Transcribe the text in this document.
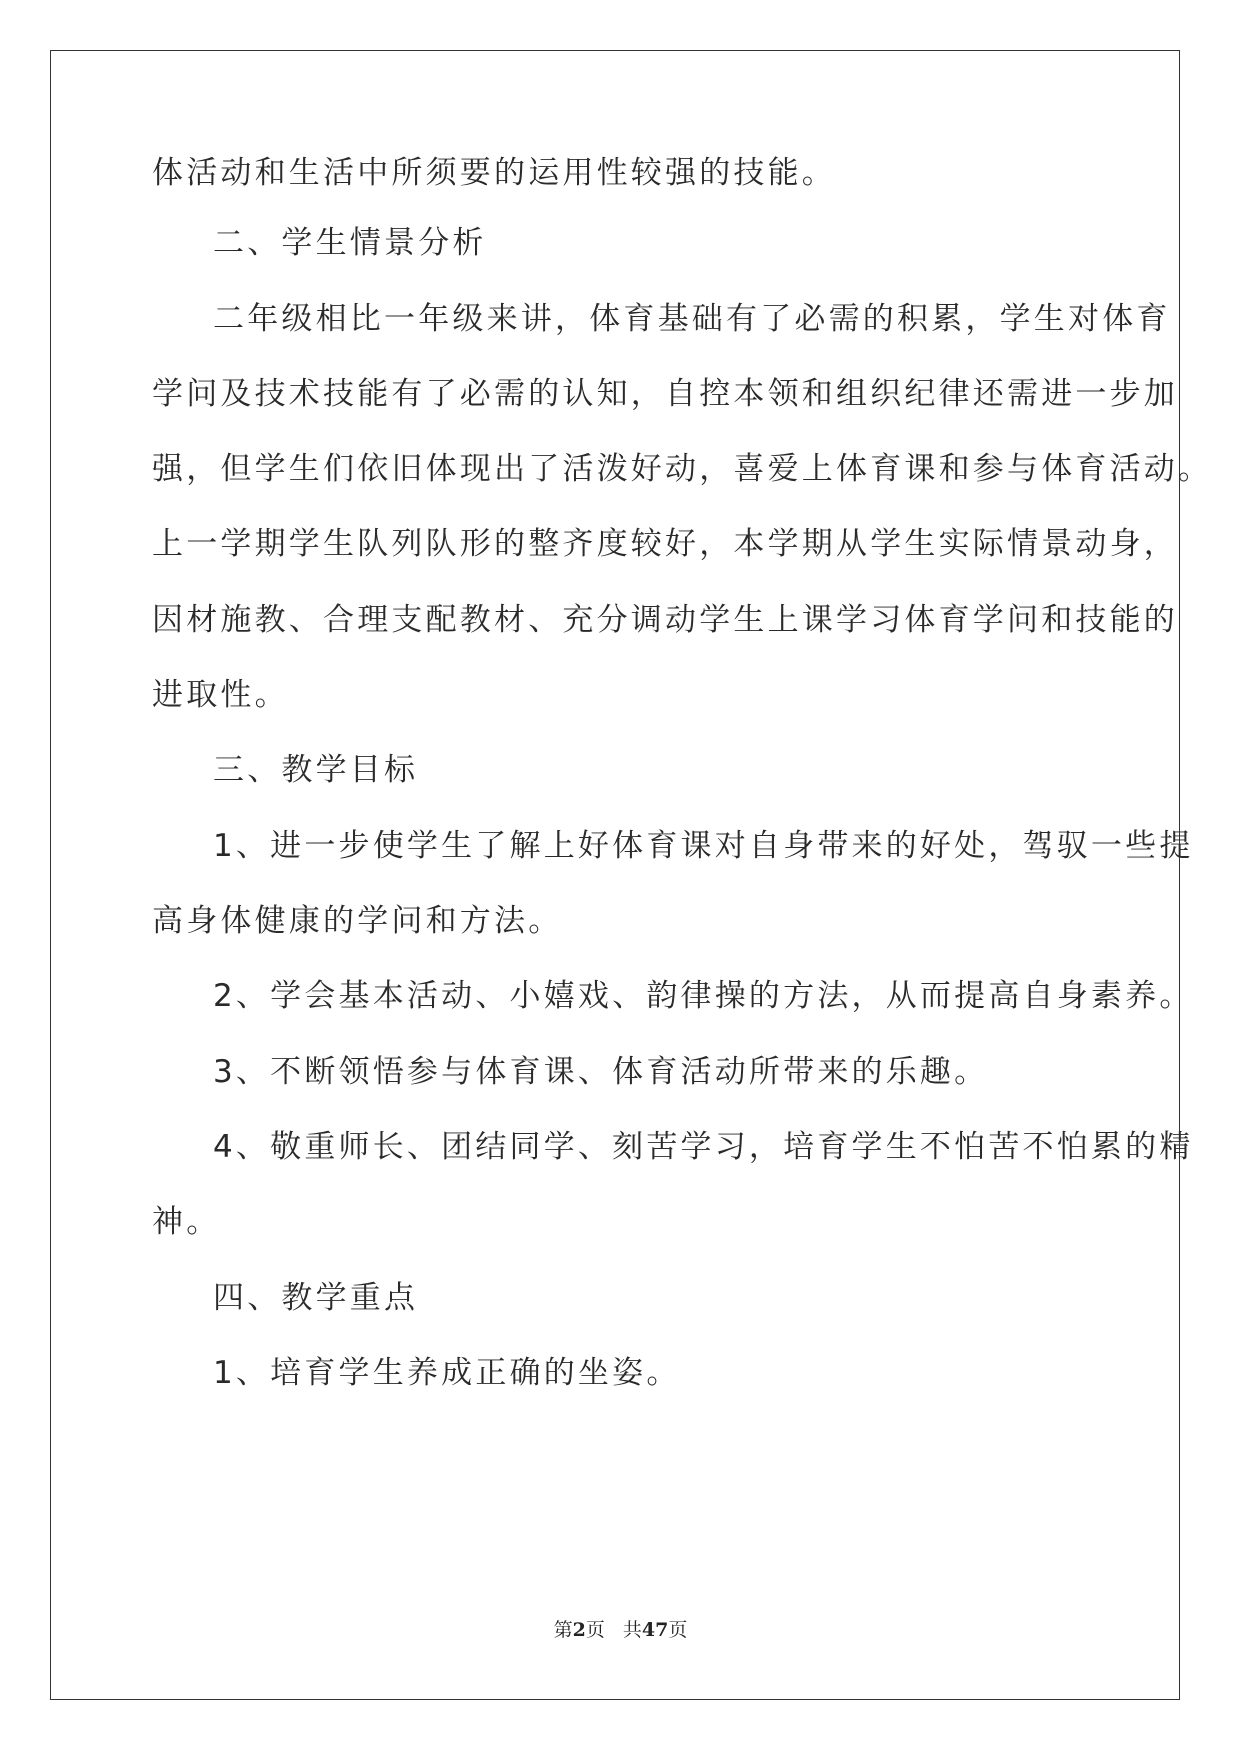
体活动和生活中所须要的运用性较强的技能。

二、学生情景分析

二年级相比一年级来讲，体育基础有了必需的积累，学生对体育

学问及技术技能有了必需的认知，自控本领和组织纪律还需进一步加

强，但学生们依旧体现出了活泼好动，喜爱上体育课和参与体育活动。

上一学期学生队列队形的整齐度较好，本学期从学生实际情景动身，

因材施教、合理支配教材、充分调动学生上课学习体育学问和技能的

进取性。

三、教学目标

1、进一步使学生了解上好体育课对自身带来的好处，驾驭一些提

高身体健康的学问和方法。

2、学会基本活动、小嬉戏、韵律操的方法，从而提高自身素养。

3、不断领悟参与体育课、体育活动所带来的乐趣。

4、敬重师长、团结同学、刻苦学习，培育学生不怕苦不怕累的精

神。

四、教学重点

1、培育学生养成正确的坐姿。

第2页 共47页
